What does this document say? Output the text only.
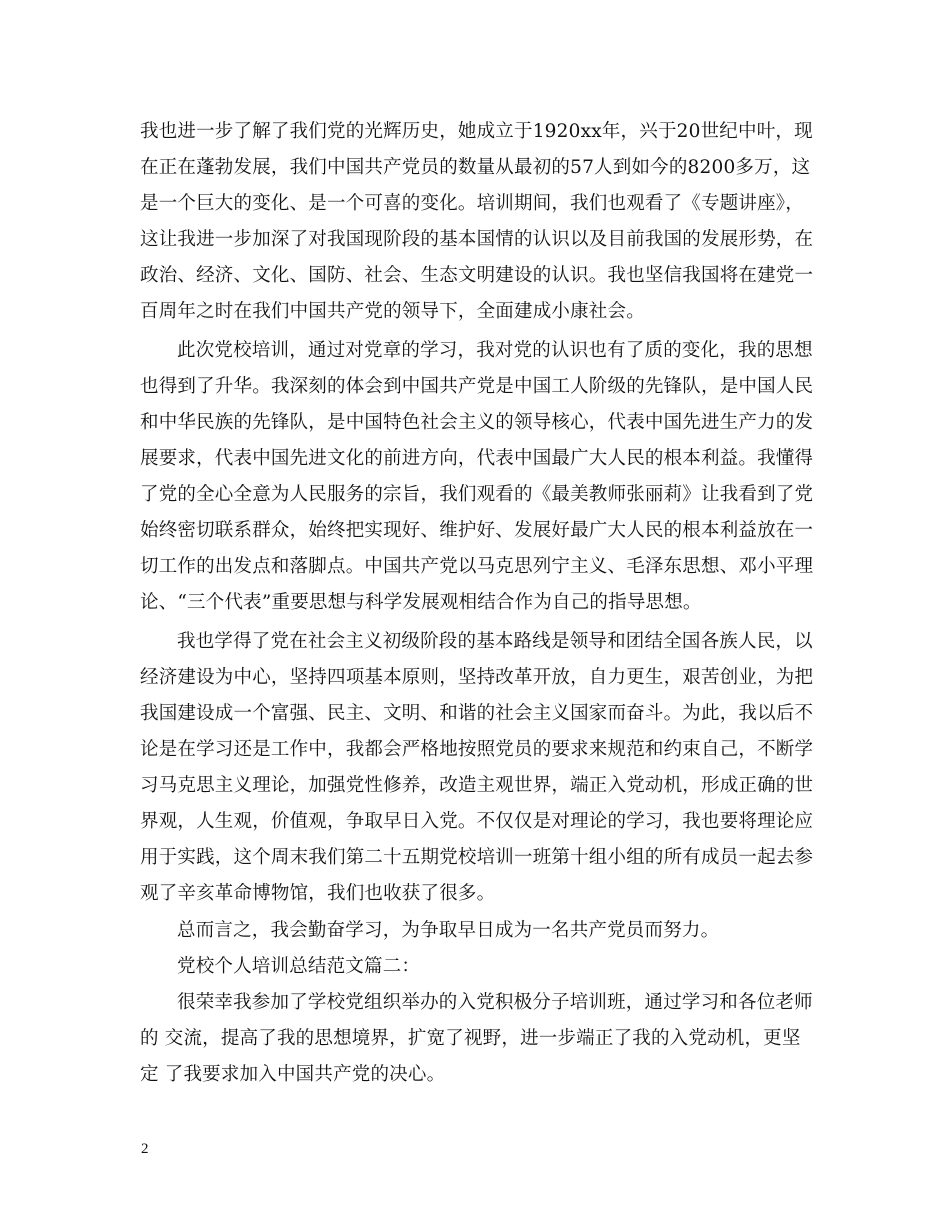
我也进一步了解了我们党的光辉历史，她成立于1920xx年，兴于20世纪中叶，现
在正在蓬勃发展，我们中国共产党员的数量从最初的57人到如今的8200多万，这
是一个巨大的变化、是一个可喜的变化。培训期间，我们也观看了《专题讲座》，
这让我进一步加深了对我国现阶段的基本国情的认识以及目前我国的发展形势，在
政治、经济、文化、国防、社会、生态文明建设的认识。我也坚信我国将在建党一
百周年之时在我们中国共产党的领导下，全面建成小康社会。
此次党校培训，通过对党章的学习，我对党的认识也有了质的变化，我的思想
也得到了升华。我深刻的体会到中国共产党是中国工人阶级的先锋队，是中国人民
和中华民族的先锋队，是中国特色社会主义的领导核心，代表中国先进生产力的发
展要求，代表中国先进文化的前进方向，代表中国最广大人民的根本利益。我懂得
了党的全心全意为人民服务的宗旨，我们观看的《最美教师张丽莉》让我看到了党
始终密切联系群众，始终把实现好、维护好、发展好最广大人民的根本利益放在一
切工作的出发点和落脚点。中国共产党以马克思列宁主义、毛泽东思想、邓小平理
论、“三个代表”重要思想与科学发展观相结合作为自己的指导思想。
我也学得了党在社会主义初级阶段的基本路线是领导和团结全国各族人民，以
经济建设为中心，坚持四项基本原则，坚持改革开放，自力更生，艰苦创业，为把
我国建设成一个富强、民主、文明、和谐的社会主义国家而奋斗。为此，我以后不
论是在学习还是工作中，我都会严格地按照党员的要求来规范和约束自己，不断学
习马克思主义理论，加强党性修养，改造主观世界，端正入党动机，形成正确的世
界观，人生观，价值观，争取早日入党。不仅仅是对理论的学习，我也要将理论应
用于实践，这个周末我们第二十五期党校培训一班第十组小组的所有成员一起去参
观了辛亥革命博物馆，我们也收获了很多。
总而言之，我会勤奋学习，为争取早日成为一名共产党员而努力。
党校个人培训总结范文篇二：
很荣幸我参加了学校党组织举办的入党积极分子培训班，通过学习和各位老师
的 交流，提高了我的思想境界，扩宽了视野，进一步端正了我的入党动机，更坚
定 了我要求加入中国共产党的决心。
2
